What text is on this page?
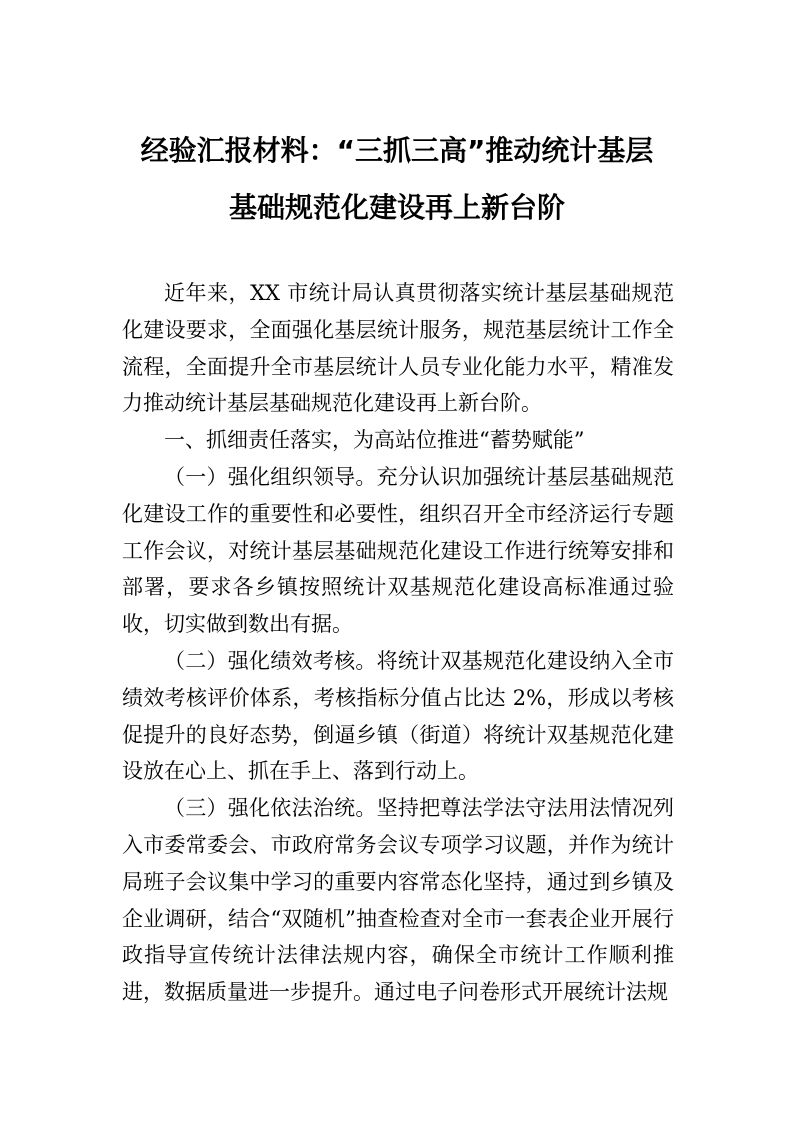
经验汇报材料：“三抓三高”推动统计基层
基础规范化建设再上新台阶

近年来，XX 市统计局认真贯彻落实统计基层基础规范化建设要求，全面强化基层统计服务，规范基层统计工作全流程，全面提升全市基层统计人员专业化能力水平，精准发力推动统计基层基础规范化建设再上新台阶。

一、抓细责任落实，为高站位推进“蓄势赋能”

（一）强化组织领导。充分认识加强统计基层基础规范化建设工作的重要性和必要性，组织召开全市经济运行专题工作会议，对统计基层基础规范化建设工作进行统筹安排和部署，要求各乡镇按照统计双基规范化建设高标准通过验收，切实做到数出有据。

（二）强化绩效考核。将统计双基规范化建设纳入全市绩效考核评价体系，考核指标分值占比达 2%，形成以考核促提升的良好态势，倒逼乡镇（街道）将统计双基规范化建设放在心上、抓在手上、落到行动上。

（三）强化依法治统。坚持把尊法学法守法用法情况列入市委常委会、市政府常务会议专项学习议题，并作为统计局班子会议集中学习的重要内容常态化坚持，通过到乡镇及企业调研，结合“双随机”抽查检查对全市一套表企业开展行政指导宣传统计法律法规内容，确保全市统计工作顺利推进，数据质量进一步提升。通过电子问卷形式开展统计法规
